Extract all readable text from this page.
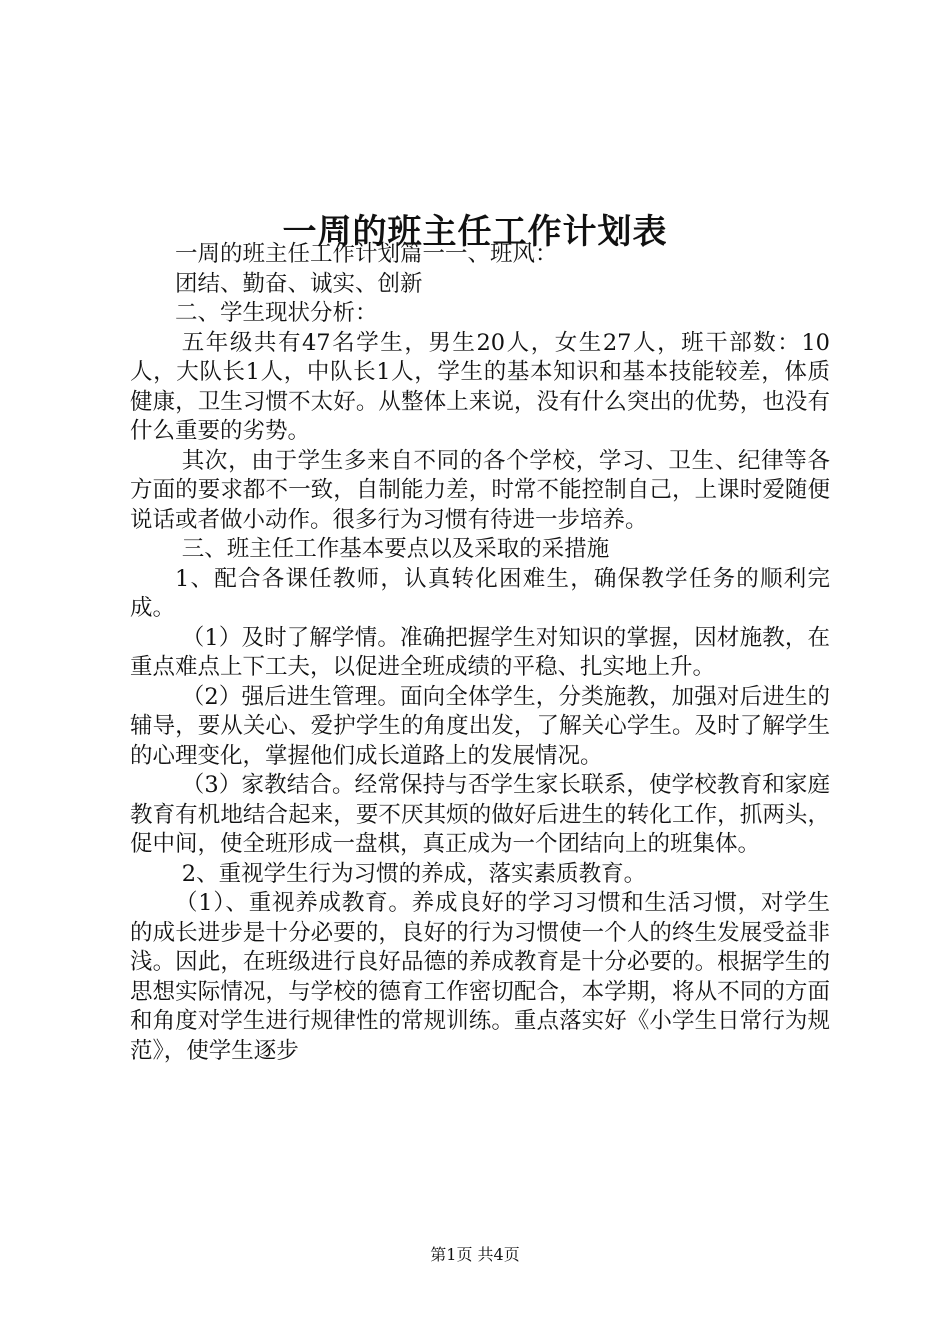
一周的班主任工作计划表

一周的班主任工作计划篇一一、班风：

团结、勤奋、诚实、创新

二、学生现状分析：

五年级共有47名学生，男生20人，女生27人，班干部数：10人，大队长1人，中队长1人，学生的基本知识和基本技能较差，体质健康，卫生习惯不太好。从整体上来说，没有什么突出的优势，也没有什么重要的劣势。

其次，由于学生多来自不同的各个学校，学习、卫生、纪律等各方面的要求都不一致，自制能力差，时常不能控制自己，上课时爱随便说话或者做小动作。很多行为习惯有待进一步培养。

三、班主任工作基本要点以及采取的采措施

1、配合各课任教师，认真转化困难生，确保教学任务的顺利完成。

（1）及时了解学情。准确把握学生对知识的掌握，因材施教，在重点难点上下工夫，以促进全班成绩的平稳、扎实地上升。

（2）强后进生管理。面向全体学生，分类施教，加强对后进生的辅导，要从关心、爱护学生的角度出发，了解关心学生。及时了解学生的心理变化，掌握他们成长道路上的发展情况。

（3）家教结合。经常保持与否学生家长联系，使学校教育和家庭教育有机地结合起来，要不厌其烦的做好后进生的转化工作，抓两头，促中间，使全班形成一盘棋，真正成为一个团结向上的班集体。

2、重视学生行为习惯的养成，落实素质教育。

（1）、重视养成教育。养成良好的学习习惯和生活习惯，对学生的成长进步是十分必要的，良好的行为习惯使一个人的终生发展受益非浅。因此，在班级进行良好品德的养成教育是十分必要的。根据学生的思想实际情况，与学校的德育工作密切配合，本学期，将从不同的方面和角度对学生进行规律性的常规训练。重点落实好《小学生日常行为规范》，使学生逐步

第1页 共4页
